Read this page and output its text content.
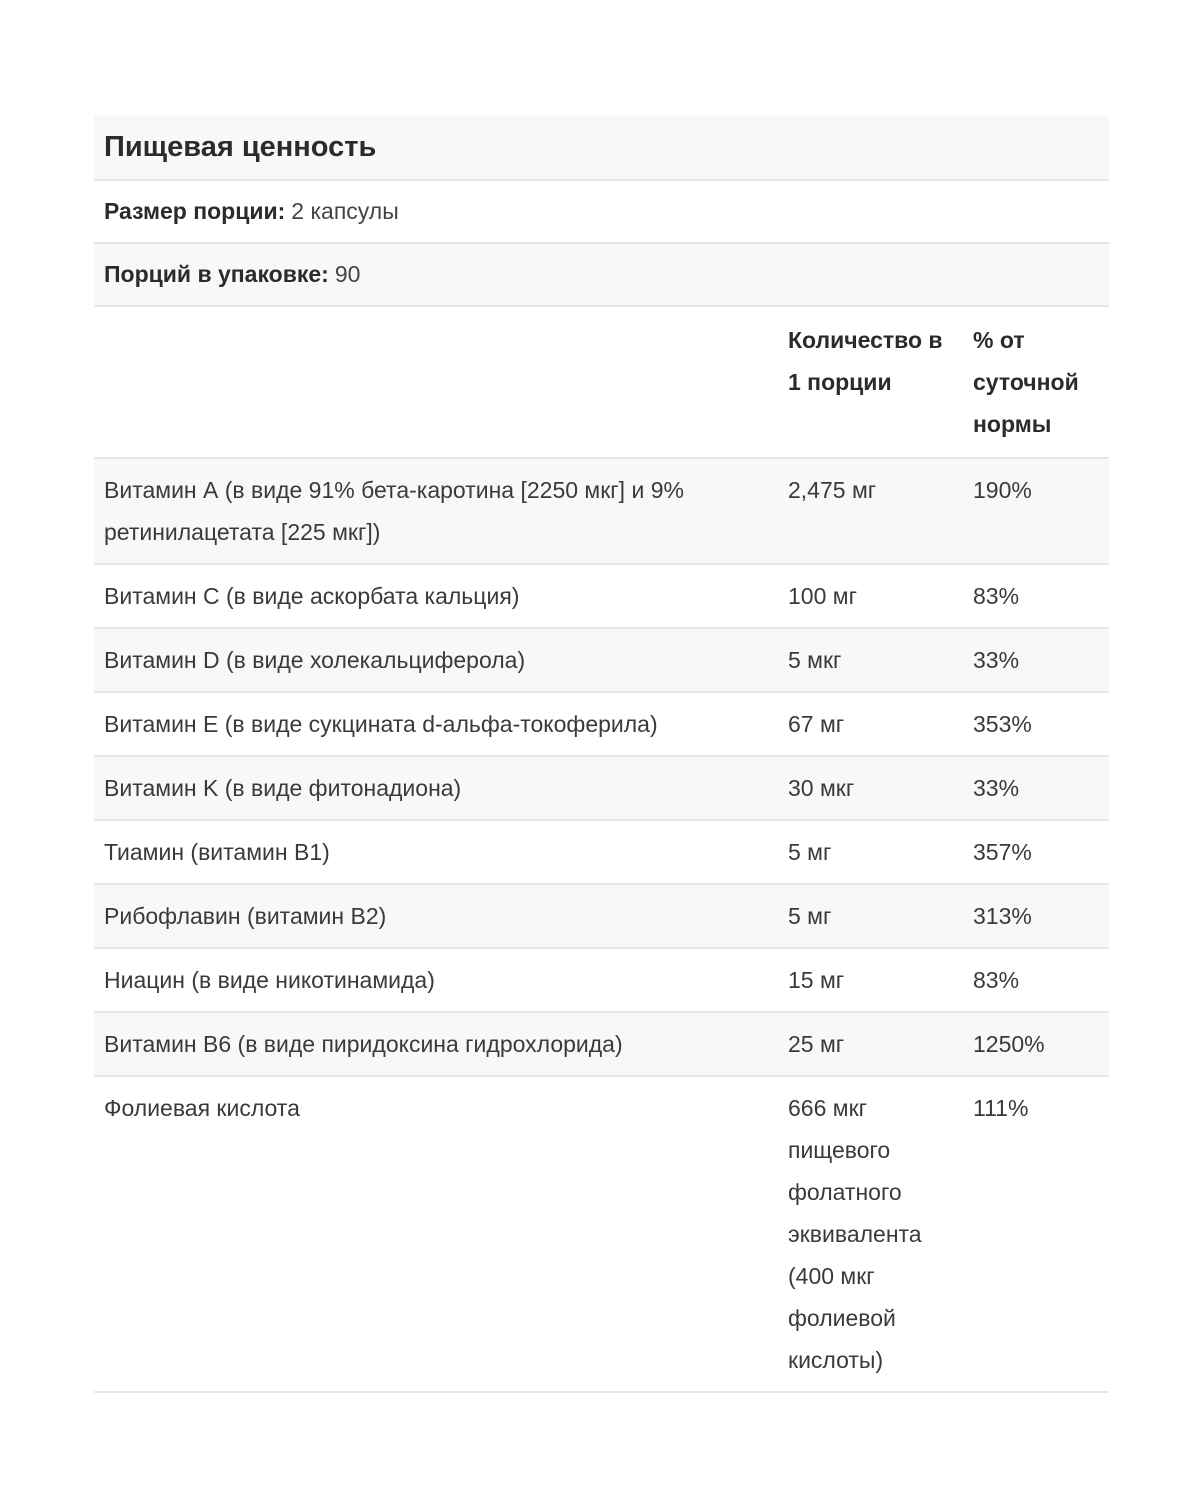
Пищевая ценность
Размер порции: 2 капсулы
Порций в упаковке: 90
	Количество в 1 порции	% от суточной нормы
Витамин А (в виде 91% бета-каротина [2250 мкг] и 9% ретинилацетата [225 мкг])	2,475 мг	190%
Витамин С (в виде аскорбата кальция)	100 мг	83%
Витамин D (в виде холекальциферола)	5 мкг	33%
Витамин Е (в виде сукцината d-альфа-токоферила)	67 мг	353%
Витамин K (в виде фитонадиона)	30 мкг	33%
Тиамин (витамин B1)	5 мг	357%
Рибофлавин (витамин B2)	5 мг	313%
Ниацин (в виде никотинамида)	15 мг	83%
Витамин B6 (в виде пиридоксина гидрохлорида)	25 мг	1250%
Фолиевая кислота	666 мкг пищевого фолатного эквивалента (400 мкг фолиевой кислоты)	111%
